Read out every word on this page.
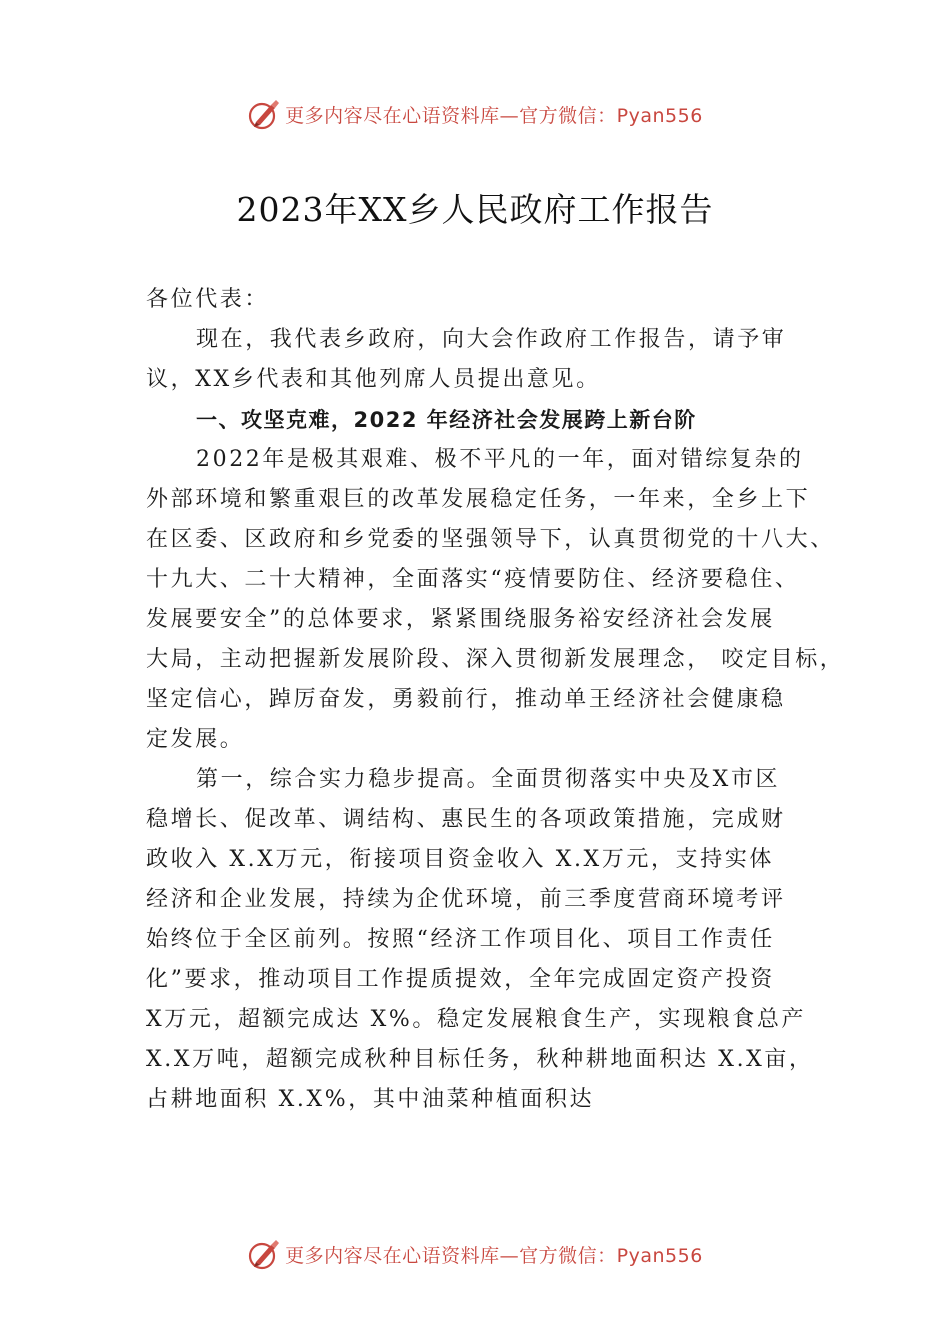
更多内容尽在心语资料库—官方微信：Pyan556
2023年XX乡人民政府工作报告
各位代表：
现在，我代表乡政府，向大会作政府工作报告，请予审
议，XX乡代表和其他列席人员提出意见。
一、攻坚克难，2022 年经济社会发展跨上新台阶
2022年是极其艰难、极不平凡的一年，面对错综复杂的
外部环境和繁重艰巨的改革发展稳定任务，一年来，全乡上下
在区委、区政府和乡党委的坚强领导下，认真贯彻党的十八大、
十九大、二十大精神，全面落实“疫情要防住、经济要稳住、
发展要安全”的总体要求，紧紧围绕服务裕安经济社会发展
大局，主动把握新发展阶段、深入贯彻新发展理念， 咬定目标，
坚定信心，踔厉奋发，勇毅前行，推动单王经济社会健康稳
定发展。
第一，综合实力稳步提高。全面贯彻落实中央及X市区
稳增长、促改革、调结构、惠民生的各项政策措施，完成财
政收入 X.X万元，衔接项目资金收入 X.X万元，支持实体
经济和企业发展，持续为企优环境，前三季度营商环境考评
始终位于全区前列。按照“经济工作项目化、项目工作责任
化”要求，推动项目工作提质提效，全年完成固定资产投资
X万元，超额完成达 X%。稳定发展粮食生产，实现粮食总产
X.X万吨，超额完成秋种目标任务，秋种耕地面积达 X.X亩，
占耕地面积 X.X%，其中油菜种植面积达
更多内容尽在心语资料库—官方微信：Pyan556
